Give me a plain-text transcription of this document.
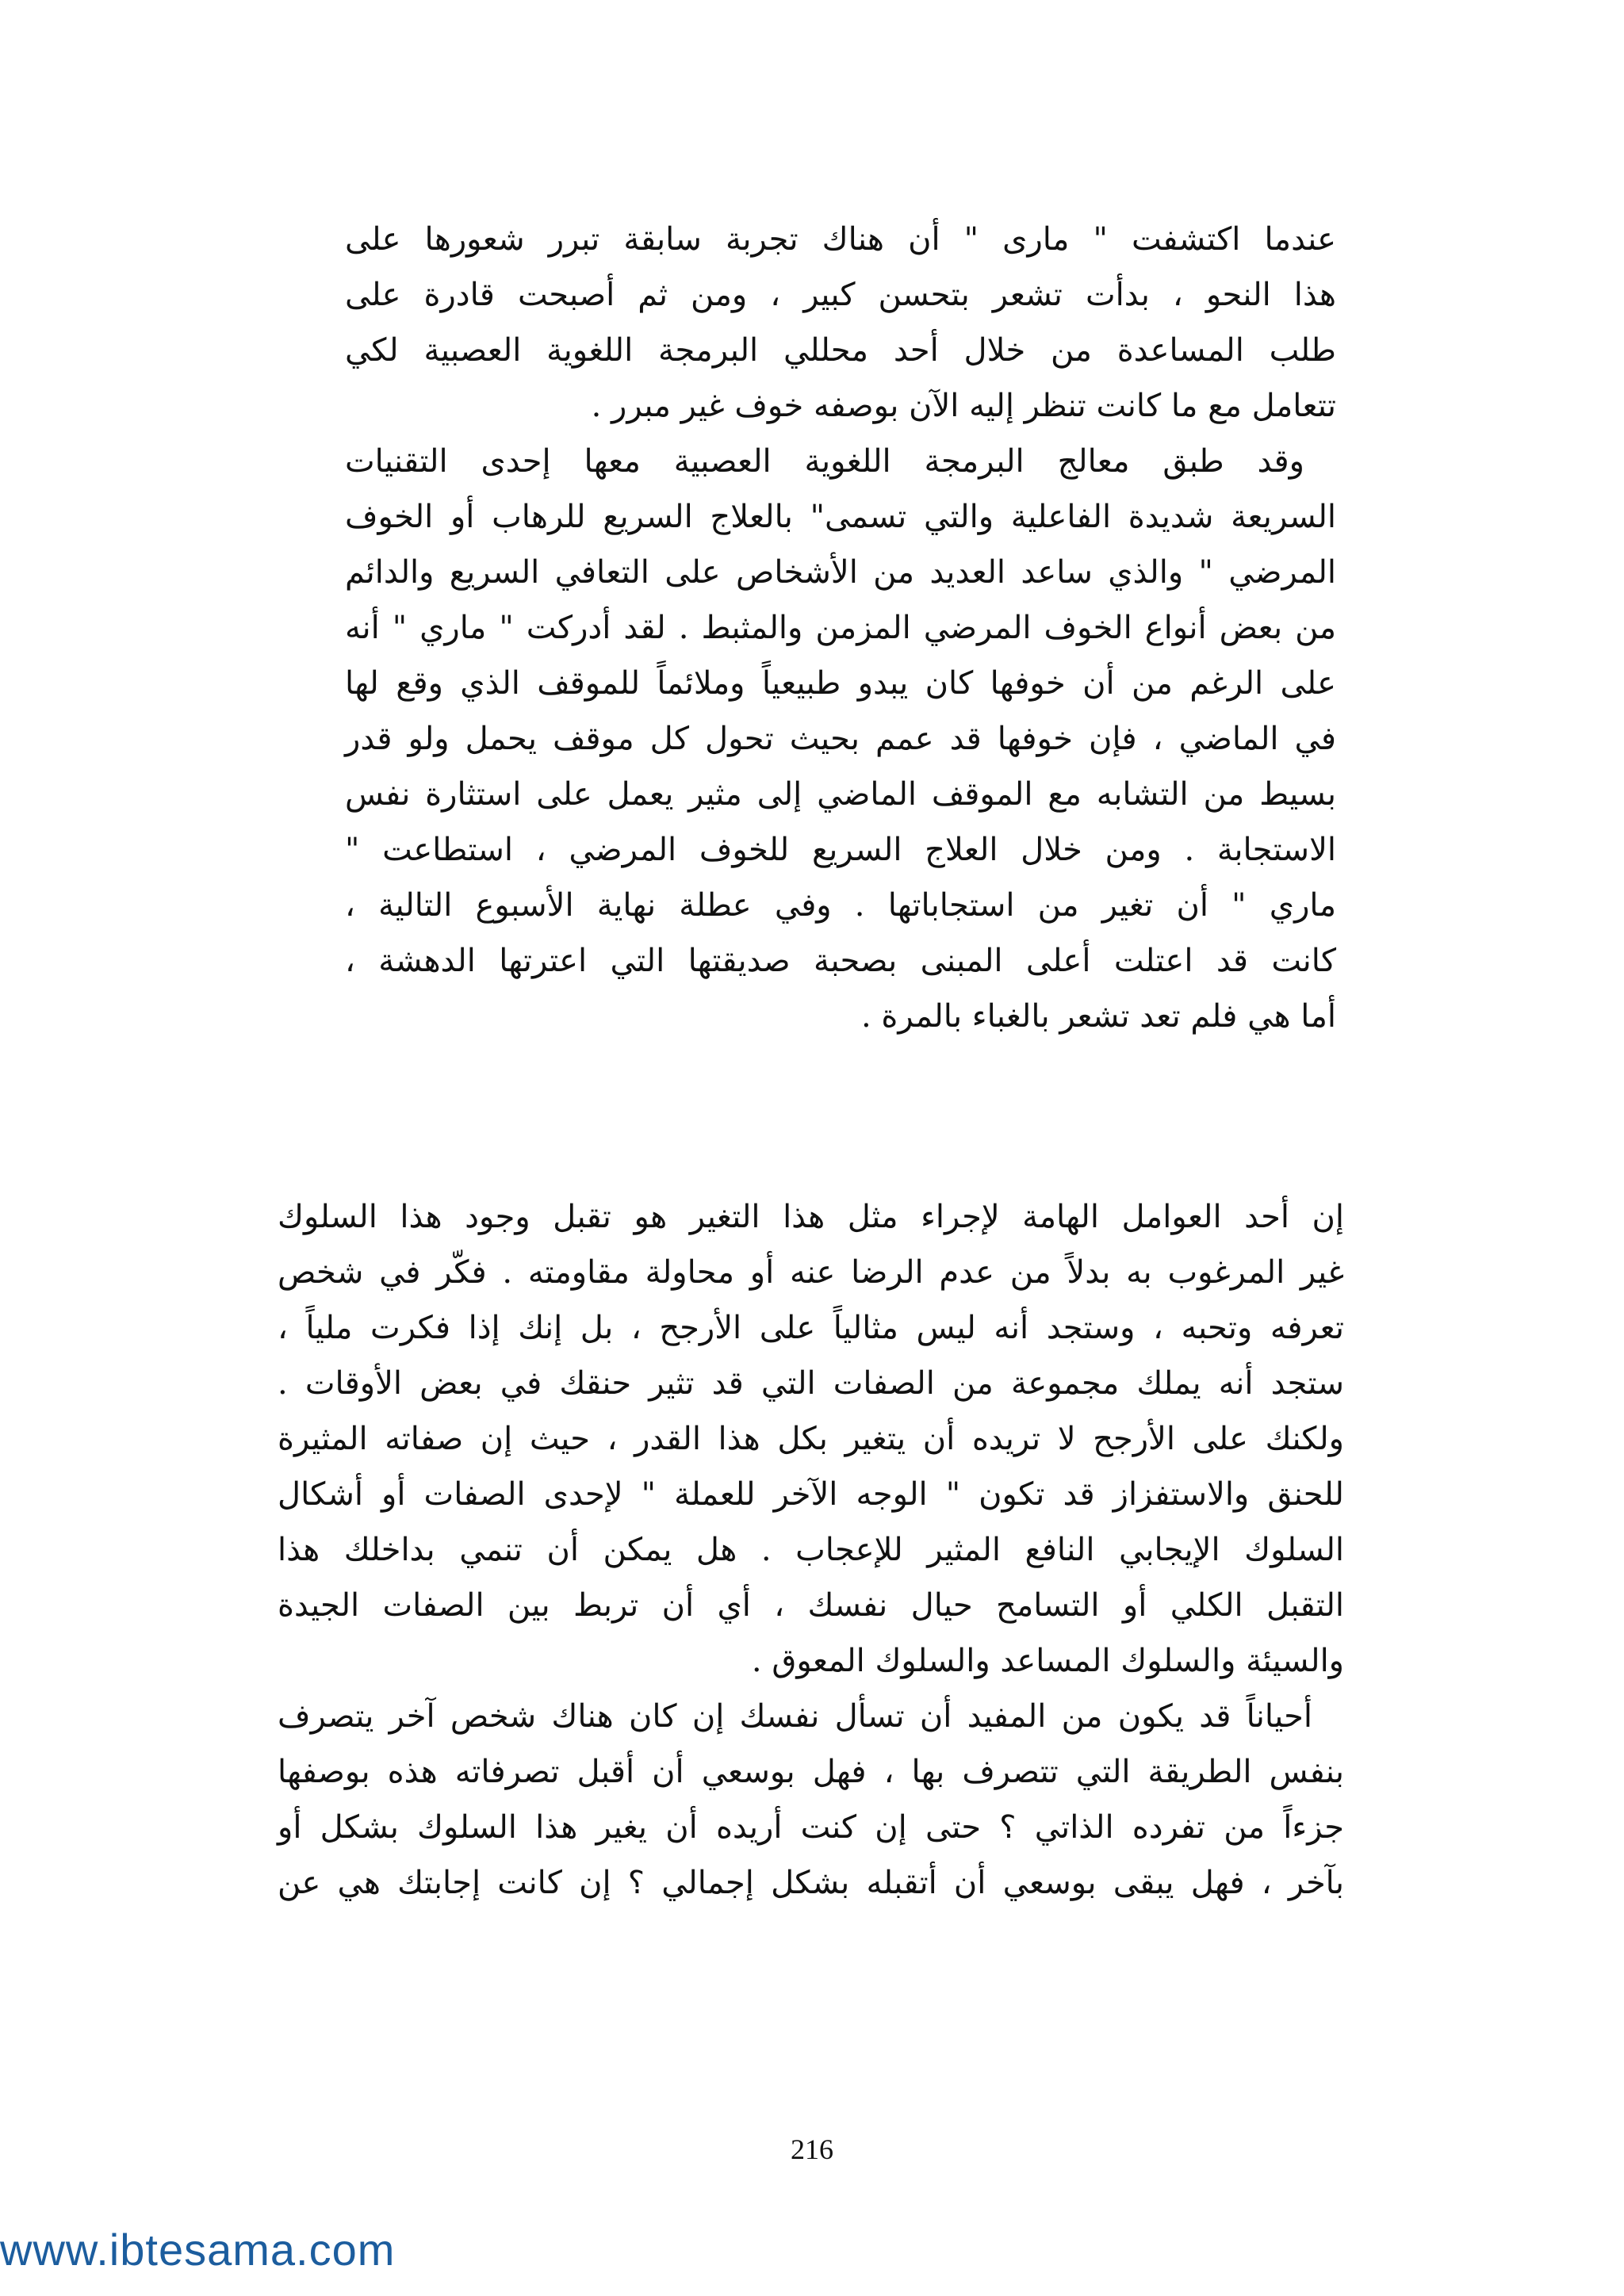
عندما اكتشفت " مارى " أن هناك تجربة سابقة تبرر شعورها على
هذا النحو ، بدأت تشعر بتحسن كبير ، ومن ثم أصبحت قادرة على
طلب المساعدة من خلال أحد محللي البرمجة اللغوية العصبية لكي
تتعامل مع ما كانت تنظر إليه الآن بوصفه خوف غير مبرر .
وقد طبق معالج البرمجة اللغوية العصبية معها إحدى التقنيات
السريعة شديدة الفاعلية والتي تسمى" بالعلاج السريع للرهاب أو الخوف
المرضي " والذي ساعد العديد من الأشخاص على التعافي السريع والدائم
من بعض أنواع الخوف المرضي المزمن والمثبط . لقد أدركت " ماري " أنه
على الرغم من أن خوفها كان يبدو طبيعياً وملائماً للموقف الذي وقع لها
في الماضي ، فإن خوفها قد عمم بحيث تحول كل موقف يحمل ولو قدر
بسيط من التشابه مع الموقف الماضي إلى مثير يعمل على استثارة نفس
الاستجابة . ومن خلال العلاج السريع للخوف المرضي ، استطاعت "
ماري " أن تغير من استجاباتها . وفي عطلة نهاية الأسبوع التالية ،
كانت قد اعتلت أعلى المبنى بصحبة صديقتها التي اعترتها الدهشة ،
أما هي فلم تعد تشعر بالغباء بالمرة .
إن أحد العوامل الهامة لإجراء مثل هذا التغير هو تقبل وجود هذا السلوك
غير المرغوب به بدلاً من عدم الرضا عنه أو محاولة مقاومته . فكّر في شخص
تعرفه وتحبه ، وستجد أنه ليس مثالياً على الأرجح ، بل إنك إذا فكرت ملياً ،
ستجد أنه يملك مجموعة من الصفات التي قد تثير حنقك في بعض الأوقات .
ولكنك على الأرجح لا تريده أن يتغير بكل هذا القدر ، حيث إن صفاته المثيرة
للحنق والاستفزاز قد تكون " الوجه الآخر للعملة " لإحدى الصفات أو أشكال
السلوك الإيجابي النافع المثير للإعجاب . هل يمكن أن تنمي بداخلك هذا
التقبل الكلي أو التسامح حيال نفسك ، أي أن تربط بين الصفات الجيدة
والسيئة والسلوك المساعد والسلوك المعوق .
أحياناً قد يكون من المفيد أن تسأل نفسك إن كان هناك شخص آخر يتصرف
بنفس الطريقة التي تتصرف بها ، فهل بوسعي أن أقبل تصرفاته هذه بوصفها
جزءاً من تفرده الذاتي ؟ حتى إن كنت أريده أن يغير هذا السلوك بشكل أو
بآخر ، فهل يبقى بوسعي أن أتقبله بشكل إجمالي ؟ إن كانت إجابتك هي عن
216
www.ibtesama.com
